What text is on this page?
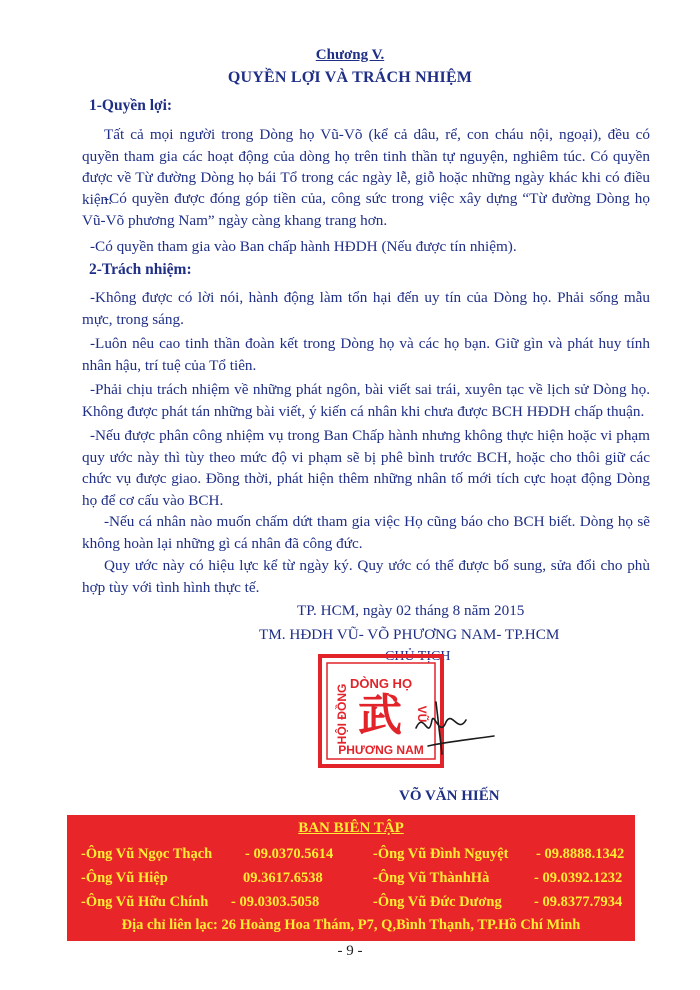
Chương V.
QUYỀN LỢI VÀ TRÁCH NHIỆM
1-Quyền lợi:
Tất cả mọi người trong Dòng họ Vũ-Võ (kể cả dâu, rể, con cháu nội, ngoại), đều có quyền tham gia các hoạt động của dòng họ trên tinh thần tự nguyện, nghiêm túc. Có quyền được về Từ đường Dòng họ bái Tổ trong các ngày lễ, giỗ hoặc những ngày khác khi có điều kiện.
-Có quyền được đóng góp tiền của, công sức trong việc xây dựng “Từ đường Dòng họ Vũ-Võ phương Nam” ngày càng khang trang hơn.
-Có quyền tham gia vào Ban chấp hành HĐDH (Nếu được tín nhiệm).
2-Trách nhiệm:
-Không được có lời nói, hành động làm tổn hại đến uy tín của Dòng họ. Phải sống mẫu mực, trong sáng.
-Luôn nêu cao tinh thần đoàn kết trong Dòng họ và các họ bạn. Giữ gìn và phát huy tính nhân hậu, trí tuệ của Tổ tiên.
-Phải chịu trách nhiệm về những phát ngôn, bài viết sai trái, xuyên tạc về lịch sử Dòng họ. Không được phát tán những bài viết, ý kiến cá nhân khi chưa được BCH HĐDH chấp thuận.
-Nếu được phân công nhiệm vụ trong Ban Chấp hành nhưng không thực hiện hoặc vi phạm quy ước này thì tùy theo mức độ vi phạm sẽ bị phê bình trước BCH, hoặc cho thôi giữ các chức vụ được giao. Đồng thời, phát hiện thêm những nhân tố mới tích cực hoạt động Dòng họ để cơ cấu vào BCH.
-Nếu cá nhân nào muốn chấm dứt tham gia việc Họ cũng báo cho BCH biết. Dòng họ sẽ không hoàn lại những gì cá nhân đã công đức.
Quy ước này có hiệu lực kể từ ngày ký. Quy ước có thể được bổ sung, sửa đổi cho phù hợp tùy với tình hình thực tế.
TP. HCM, ngày 02 tháng 8 năm 2015
TM. HĐDH VŨ- VÕ PHƯƠNG NAM- TP.HCM
CHỦ TỊCH
DÒNG HỌ
PHƯƠNG NAM
HỘI ĐỒNG	VŨ
武
VÕ VĂN HIẾN
BAN BIÊN TẬP
-Ông Vũ Ngọc Thạch - 09.0370.5614	-Ông Vũ Đình Nguyệt - 09.8888.1342
-Ông Vũ Hiệp	09.3617.6538	-Ông Vũ ThànhHà	- 09.0392.1232
-Ông Vũ Hữu Chính - 09.0303.5058	-Ông Vũ Đức Dương - 09.8377.7934
Địa chỉ liên lạc: 26 Hoàng Hoa Thám, P7, Q,Bình Thạnh, TP.Hồ Chí Minh
- 9 -
